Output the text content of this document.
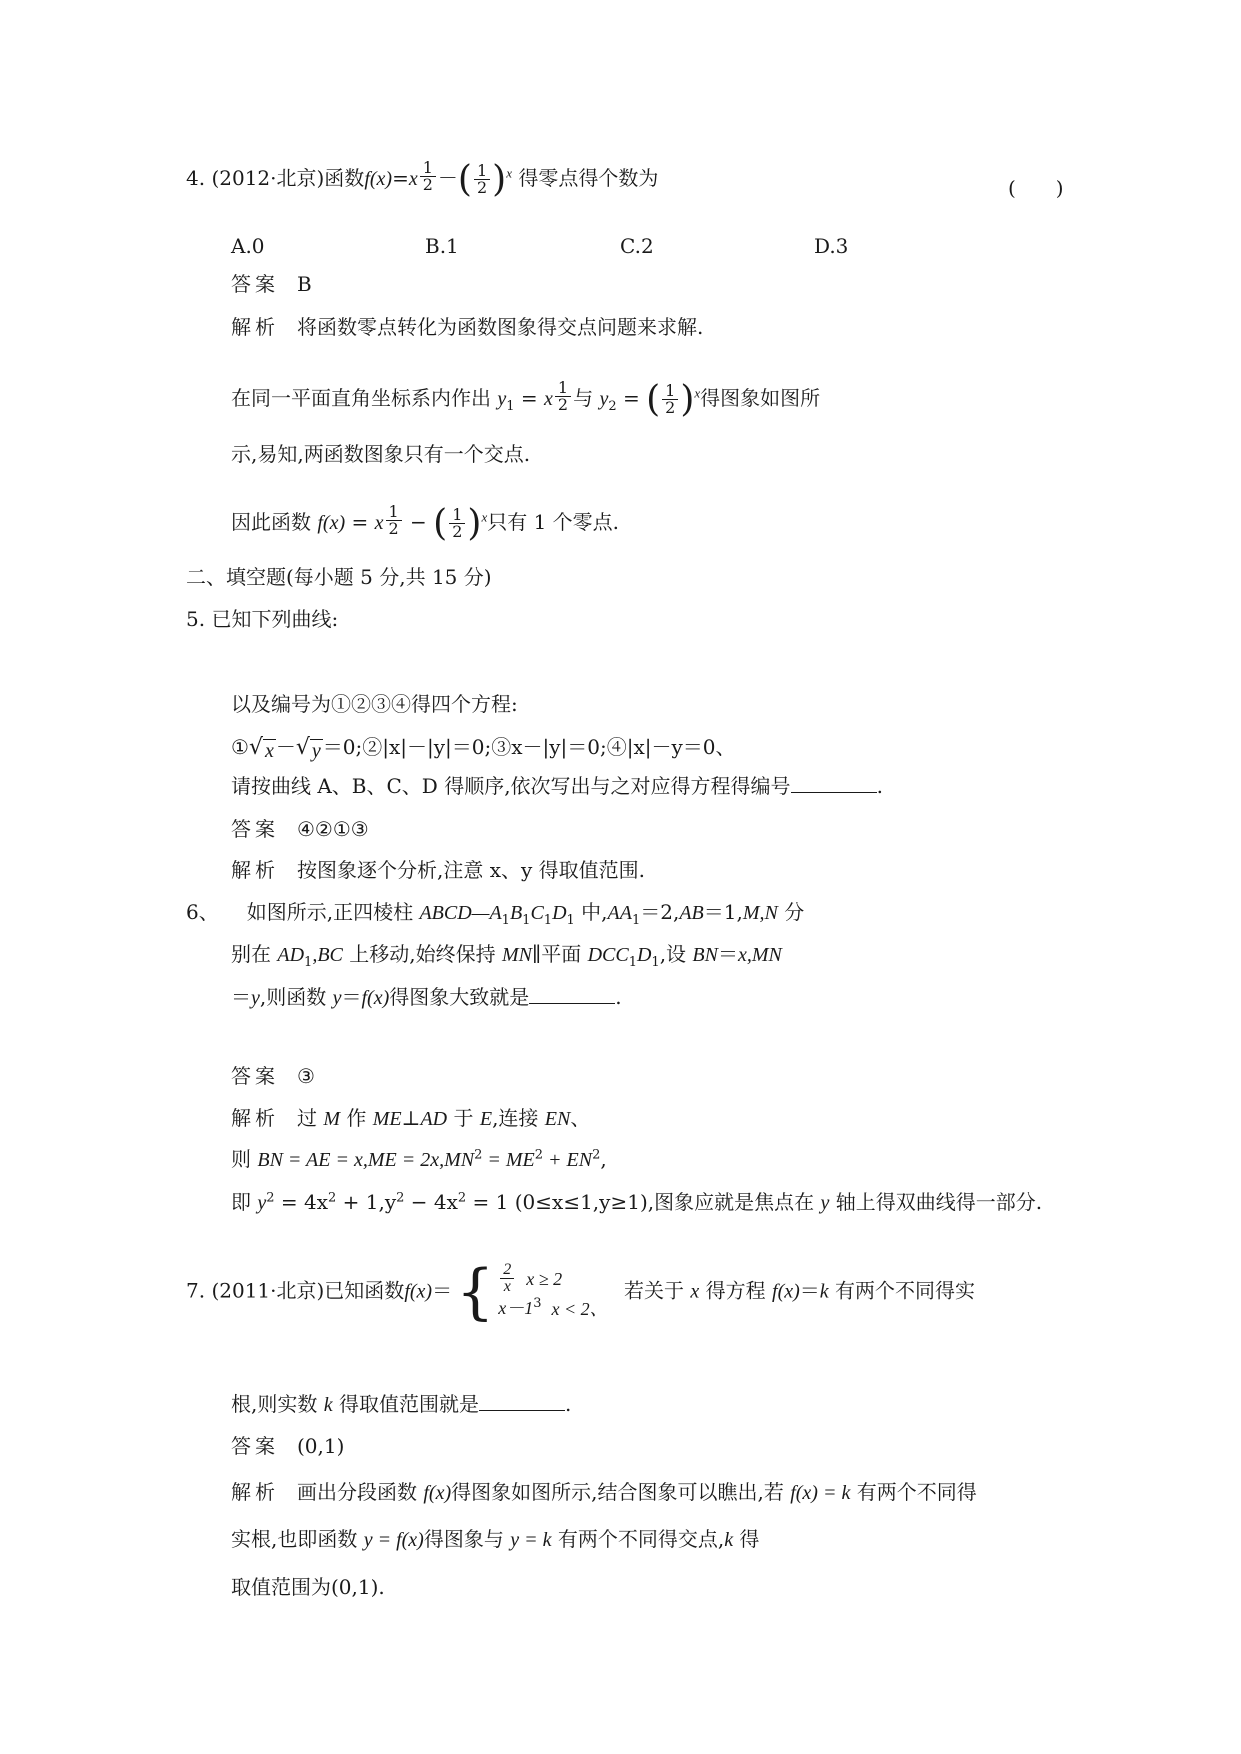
4. (2012·北京)函数$f(x)=x \frac{1}{2}$ － ( $\frac{1}{2}$ ) $^x$ 得零点得个数为	(　　)
A.0	B.1	C.2	D.3
答案 B
解析 将函数零点转化为函数图象得交点问题来求解.
在同一平面直角坐标系内作出 $y_1 = x \frac{1}{2}$ 与 $y_2$ = ( $\frac{1}{2}$ ) $^x$得图象如图所
示,易知,两函数图象只有一个交点.
因此函数 f(x) = x $\frac{1}{2}$ − ( $\frac{1}{2}$ ) $^x$只有 1 个零点.
二、填空题(每小题 5 分,共 15 分)
5. 已知下列曲线:
以及编号为①②③④得四个方程:
① √ x － √ y ＝0;②|x|－|y|＝0;③x－|y|＝0;④|x|－y＝0、
请按曲线 A、B、C、D 得顺序,依次写出与之对应得方程得编号	.
答案 ④②①③
解析 按图象逐个分析,注意 x、y 得取值范围.
6、 如图所示,正四棱柱 $ABCD—A_1B_1C_1D_1$ 中$,AA_1=2,AB=1,M,N$ 分
别在 $AD_1,BC$ 上移动,始终保持 MN∥平面 $DCC_1D_1$,设 BN＝x,MN
＝y,则函数 y＝f(x)得图象大致就是	.
答案 ③
解析 过 M 作 ME⊥AD 于 E,连接 EN、
则 BN = AE = $x,ME = 2x,MN^2 = ME^2 + EN^2$,
即 $y^2 = 4x^2 + 1,y^2 - 4x^2 = 1$ (0≤x≤1,y≥1),图象应就是焦点在 y 轴上得双曲线得一部分.
7. (2011·北京)已知函数f(x)＝ { $\frac{2}{x}$ x ≥ 2
$x-1^3$ x < 2、
若关于 x 得方程 f(x)＝k 有两个不同得实
根,则实数 k 得取值范围就是	.
答案 (0,1)
解析 画出分段函数 f(x)得图象如图所示,结合图象可以瞧出,若 f(x) = k 有两个不同得
实根,也即函数 y = f(x)得图象与 y = k 有两个不同得交点,k 得
取值范围为(0,1).
